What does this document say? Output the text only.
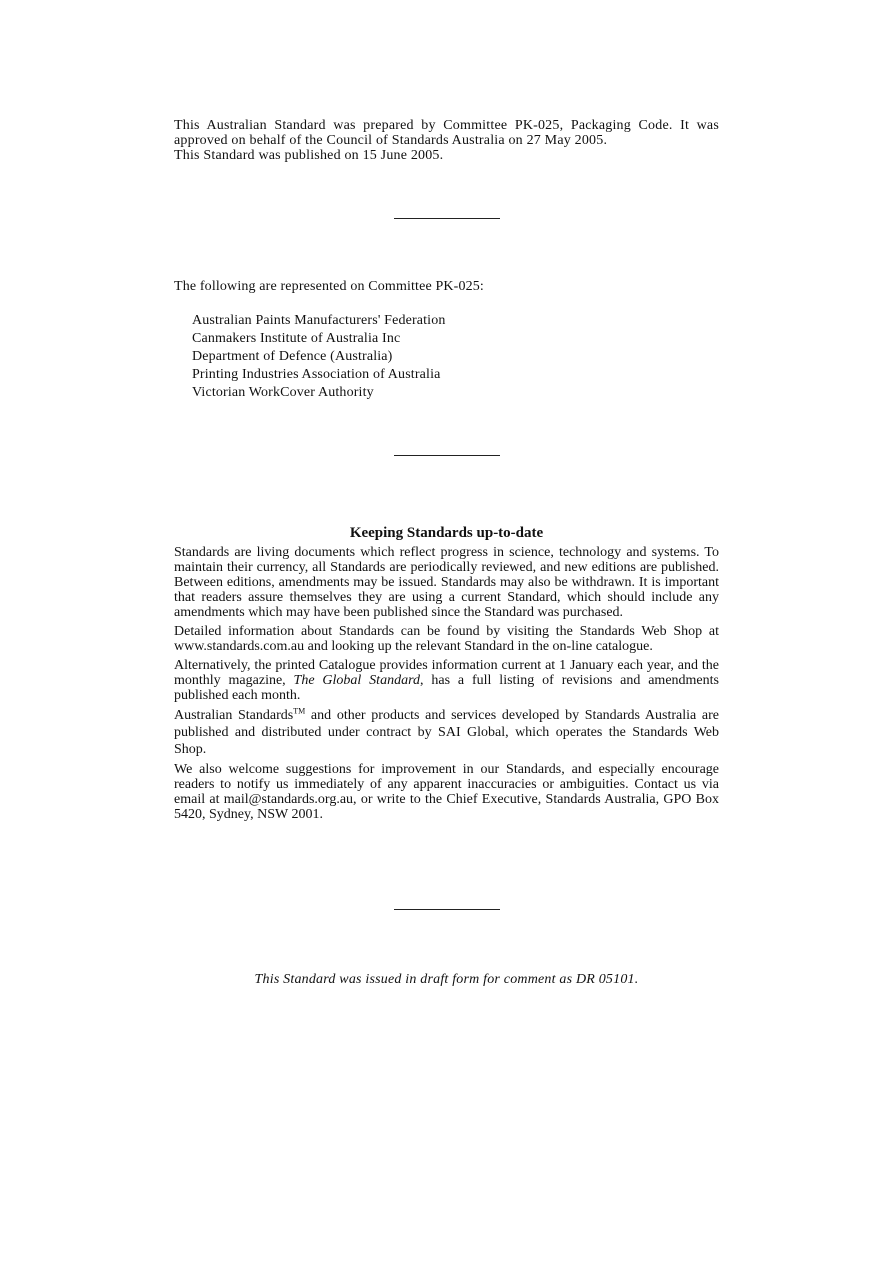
This Australian Standard was prepared by Committee PK-025, Packaging Code. It was approved on behalf of the Council of Standards Australia on 27 May 2005.

This Standard was published on 15 June 2005.

The following are represented on Committee PK-025:

Australian Paints Manufacturers' Federation
Canmakers Institute of Australia Inc
Department of Defence (Australia)
Printing Industries Association of Australia
Victorian WorkCover Authority
Keeping Standards up-to-date

Standards are living documents which reflect progress in science, technology and systems. To maintain their currency, all Standards are periodically reviewed, and new editions are published. Between editions, amendments may be issued. Standards may also be withdrawn. It is important that readers assure themselves they are using a current Standard, which should include any amendments which may have been published since the Standard was purchased.

Detailed information about Standards can be found by visiting the Standards Web Shop at www.standards.com.au and looking up the relevant Standard in the on-line catalogue.

Alternatively, the printed Catalogue provides information current at 1 January each year, and the monthly magazine, The Global Standard, has a full listing of revisions and amendments published each month.

Australian Standards™ and other products and services developed by Standards Australia are published and distributed under contract by SAI Global, which operates the Standards Web Shop.

We also welcome suggestions for improvement in our Standards, and especially encourage readers to notify us immediately of any apparent inaccuracies or ambiguities. Contact us via email at mail@standards.org.au, or write to the Chief Executive, Standards Australia, GPO Box 5420, Sydney, NSW 2001.

This Standard was issued in draft form for comment as DR 05101.
